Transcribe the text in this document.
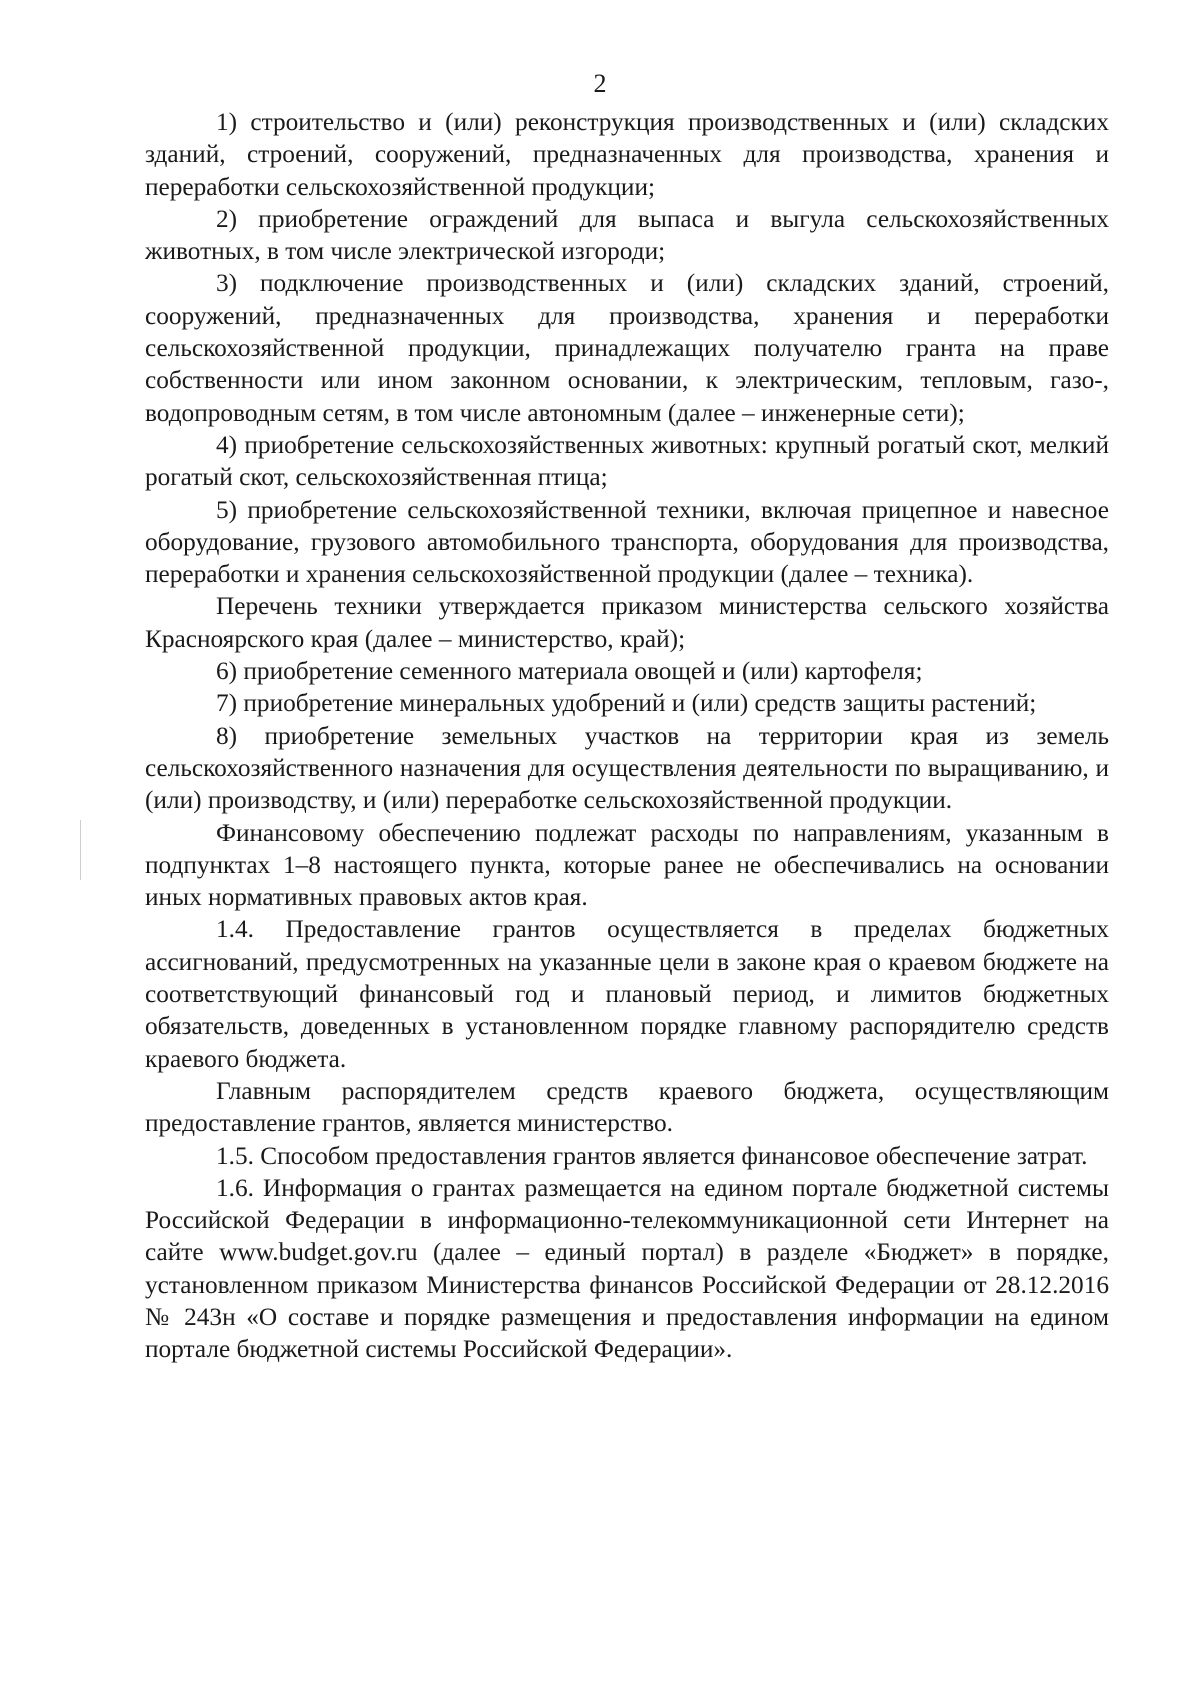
2

1) строительство и (или) реконструкция производственных и (или) складских зданий, строений, сооружений, предназначенных для производства, хранения и переработки сельскохозяйственной продукции;

2) приобретение ограждений для выпаса и выгула сельскохозяйственных животных, в том числе электрической изгороди;

3) подключение производственных и (или) складских зданий, строений, сооружений, предназначенных для производства, хранения и переработки сельскохозяйственной продукции, принадлежащих получателю гранта на праве собственности или ином законном основании, к электрическим, тепловым, газо-, водопроводным сетям, в том числе автономным (далее – инженерные сети);

4) приобретение сельскохозяйственных животных: крупный рогатый скот, мелкий рогатый скот, сельскохозяйственная птица;

5) приобретение сельскохозяйственной техники, включая прицепное и навесное оборудование, грузового автомобильного транспорта, оборудования для производства, переработки и хранения сельскохозяйственной продукции (далее – техника).

Перечень техники утверждается приказом министерства сельского хозяйства Красноярского края (далее – министерство, край);

6) приобретение семенного материала овощей и (или) картофеля;

7) приобретение минеральных удобрений и (или) средств защиты растений;

8) приобретение земельных участков на территории края из земель сельскохозяйственного назначения для осуществления деятельности по выращиванию, и (или) производству, и (или) переработке сельскохозяйственной продукции.

Финансовому обеспечению подлежат расходы по направлениям, указанным в подпунктах 1–8 настоящего пункта, которые ранее не обеспечивались на основании иных нормативных правовых актов края.

1.4. Предоставление грантов осуществляется в пределах бюджетных ассигнований, предусмотренных на указанные цели в законе края о краевом бюджете на соответствующий финансовый год и плановый период, и лимитов бюджетных обязательств, доведенных в установленном порядке главному распорядителю средств краевого бюджета.

Главным распорядителем средств краевого бюджета, осуществляющим предоставление грантов, является министерство.

1.5. Способом предоставления грантов является финансовое обеспечение затрат.

1.6. Информация о грантах размещается на едином портале бюджетной системы Российской Федерации в информационно-телекоммуникационной сети Интернет на сайте www.budget.gov.ru (далее – единый портал) в разделе «Бюджет» в порядке, установленном приказом Министерства финансов Российской Федерации от 28.12.2016 № 243н «О составе и порядке размещения и предоставления информации на едином портале бюджетной системы Российской Федерации».
